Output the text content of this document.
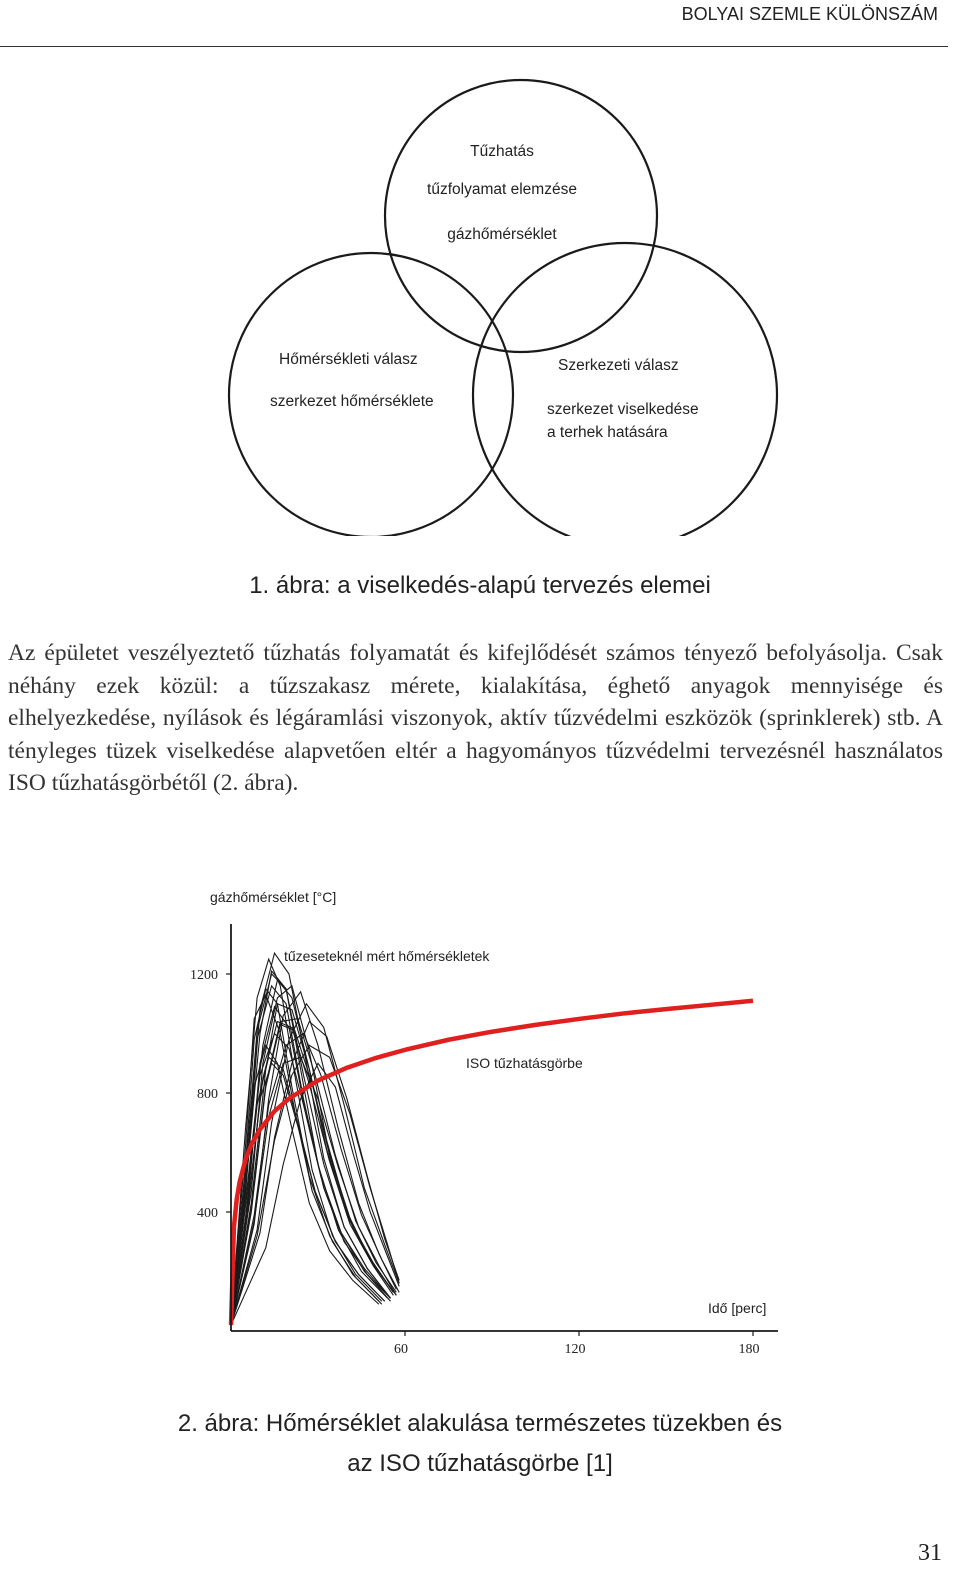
BOLYAI SZEMLE KÜLÖNSZÁM
Tűzhatás
tűzfolyamat elemzése
gázhőmérséklet
Hőmérsékleti válasz
szerkezet hőmérséklete
Szerkezeti válasz
szerkezet viselkedése
a terhek hatására
1. ábra: a viselkedés-alapú tervezés elemei
Az épületet veszélyeztető tűzhatás folyamatát és kifejlődését számos tényező befolyásolja. Csak néhány ezek közül: a tűzszakasz mérete, kialakítása, éghető anyagok mennyisége és elhelyezkedése, nyílások és légáramlási viszonyok, aktív tűzvédelmi eszközök (sprinklerek) stb. A tényleges tüzek viselkedése alapvetően eltér a hagyományos tűzvédelmi tervezésnél használatos ISO tűzhatásgörbétől (2. ábra).
400
800
1200
60	120	180
gázhőmérséklet [°C]
Idő [perc]
tűzeseteknél mért hőmérsékletek
ISO tűzhatásgörbe
2. ábra: Hőmérséklet alakulása természetes tüzekben és
az ISO tűzhatásgörbe [1]
31
